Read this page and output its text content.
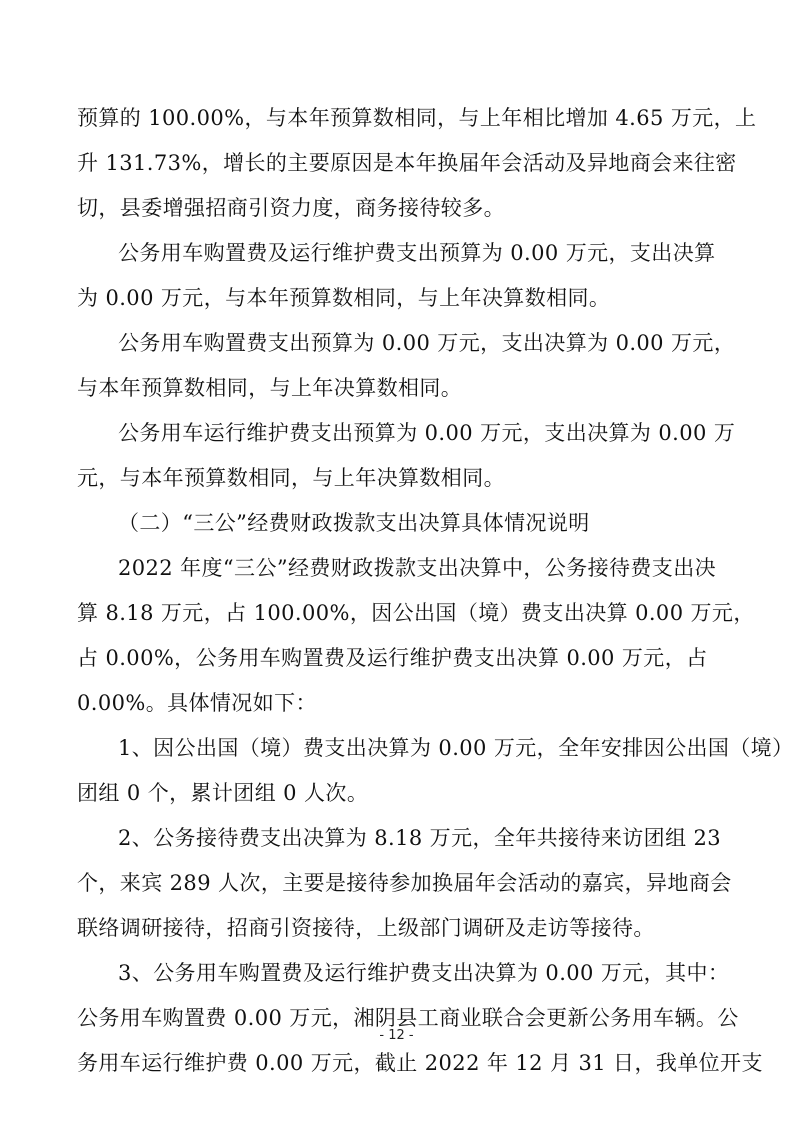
预算的 100.00%，与本年预算数相同，与上年相比增加 4.65 万元，上
升 131.73%，增长的主要原因是本年换届年会活动及异地商会来往密
切，县委增强招商引资力度，商务接待较多。
公务用车购置费及运行维护费支出预算为 0.00 万元，支出决算
为 0.00 万元，与本年预算数相同，与上年决算数相同。
公务用车购置费支出预算为 0.00 万元，支出决算为 0.00 万元，
与本年预算数相同，与上年决算数相同。
公务用车运行维护费支出预算为 0.00 万元，支出决算为 0.00 万
元，与本年预算数相同，与上年决算数相同。
（二）“三公”经费财政拨款支出决算具体情况说明
2022 年度“三公”经费财政拨款支出决算中，公务接待费支出决
算 8.18 万元，占 100.00%，因公出国（境）费支出决算 0.00 万元，
占 0.00%，公务用车购置费及运行维护费支出决算 0.00 万元，占
0.00%。具体情况如下：
1、因公出国（境）费支出决算为 0.00 万元，全年安排因公出国（境）
团组 0 个，累计团组 0 人次。
2、公务接待费支出决算为 8.18 万元，全年共接待来访团组 23
个，来宾 289 人次，主要是接待参加换届年会活动的嘉宾，异地商会
联络调研接待，招商引资接待，上级部门调研及走访等接待。
3、公务用车购置费及运行维护费支出决算为 0.00 万元，其中：
公务用车购置费 0.00 万元，湘阴县工商业联合会更新公务用车辆。公
务用车运行维护费 0.00 万元，截止 2022 年 12 月 31 日，我单位开支
- 12 -
